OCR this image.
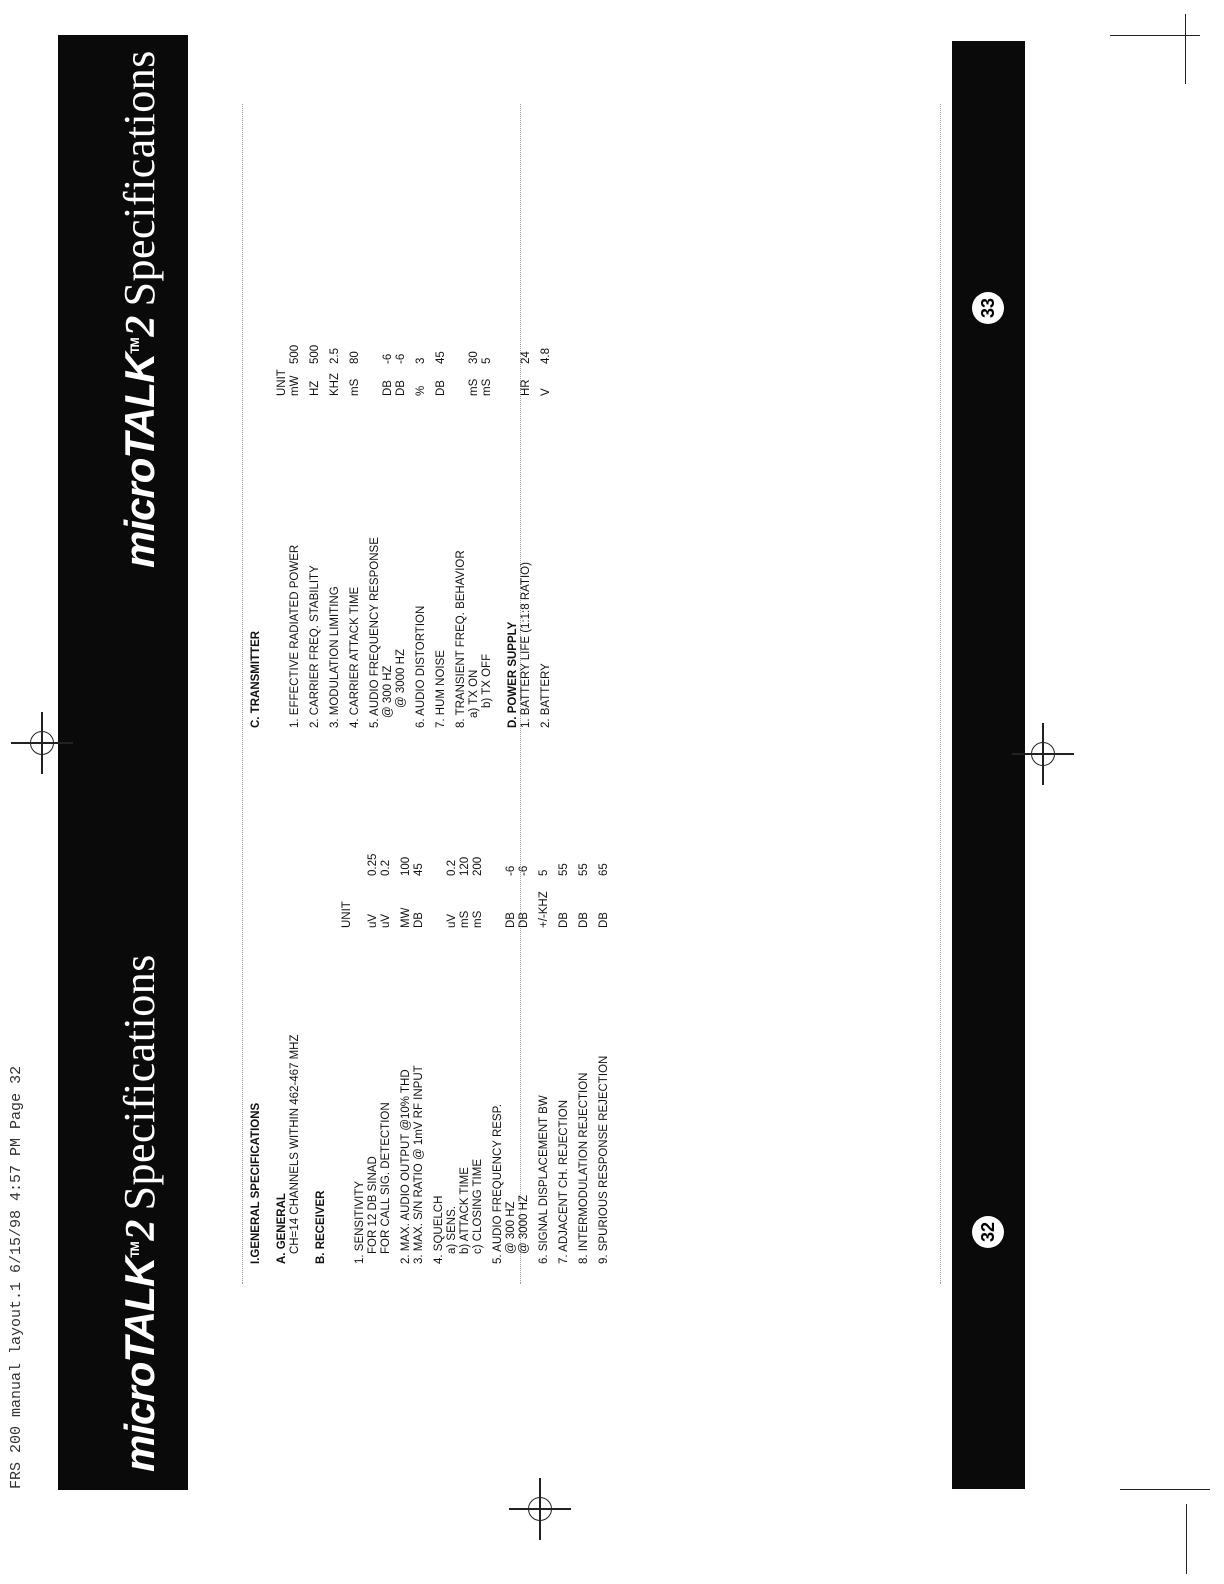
FRS 200 manual layout.1 6/15/98 4:57 PM Page 32 microTALK™2
Specifications
microTALK™2
Specifications
32
33
I.GENERAL SPECIFICATIONS A. GENERAL CH=14 CHANNELS WITHIN 462-467 MHZ B. RECEIVER
UNIT
1. SENSITIVITY FOR 12 DB SINAD
uV
0.25
FOR CALL SIG. DETECTION
uV
0.2
2. MAX. AUDIO OUTPUT @10% THD
MW
100
3. MAX. S/N RATIO @ 1mV RF INPUT
DB
45
4. SQUELCH a) SENS.
uV
0.2
b) ATTACK TIME
mS
120
c) CLOSING TIME
mS
200
5. AUDIO FREQUENCY RESP. @ 300 HZ
DB
-6
@ 3000 HZ
DB
-6
6. SIGNAL DISPLACEMENT BW
+/-KHZ
5
7. ADJACENT CH. REJECTION
DB
55
8. INTERMODULATION REJECTION
DB
55
9. SPURIOUS RESPONSE REJECTION
DB
65
C. TRANSMITTER
UNIT
1. EFFECTIVE RADIATED POWER
mW
500
2. CARRIER FREQ. STABILITY
HZ
500
3. MODULATION LIMITING
KHZ
2.5
4. CARRIER ATTACK TIME
mS
80
5. AUDIO FREQUENCY RESPONSE @ 300 HZ
DB
-6
@ 3000 HZ
DB
-6
6. AUDIO DISTORTION
%
3
7. HUM NOISE
DB
45
8. TRANSIENT FREQ. BEHAVIOR a) TX ON
mS
30
b) TX OFF
mS
5
D. POWER SUPPLY 1. BATTERY LIFE (1:1:8 RATIO)
HR
24
2. BATTERY
V
4.8
